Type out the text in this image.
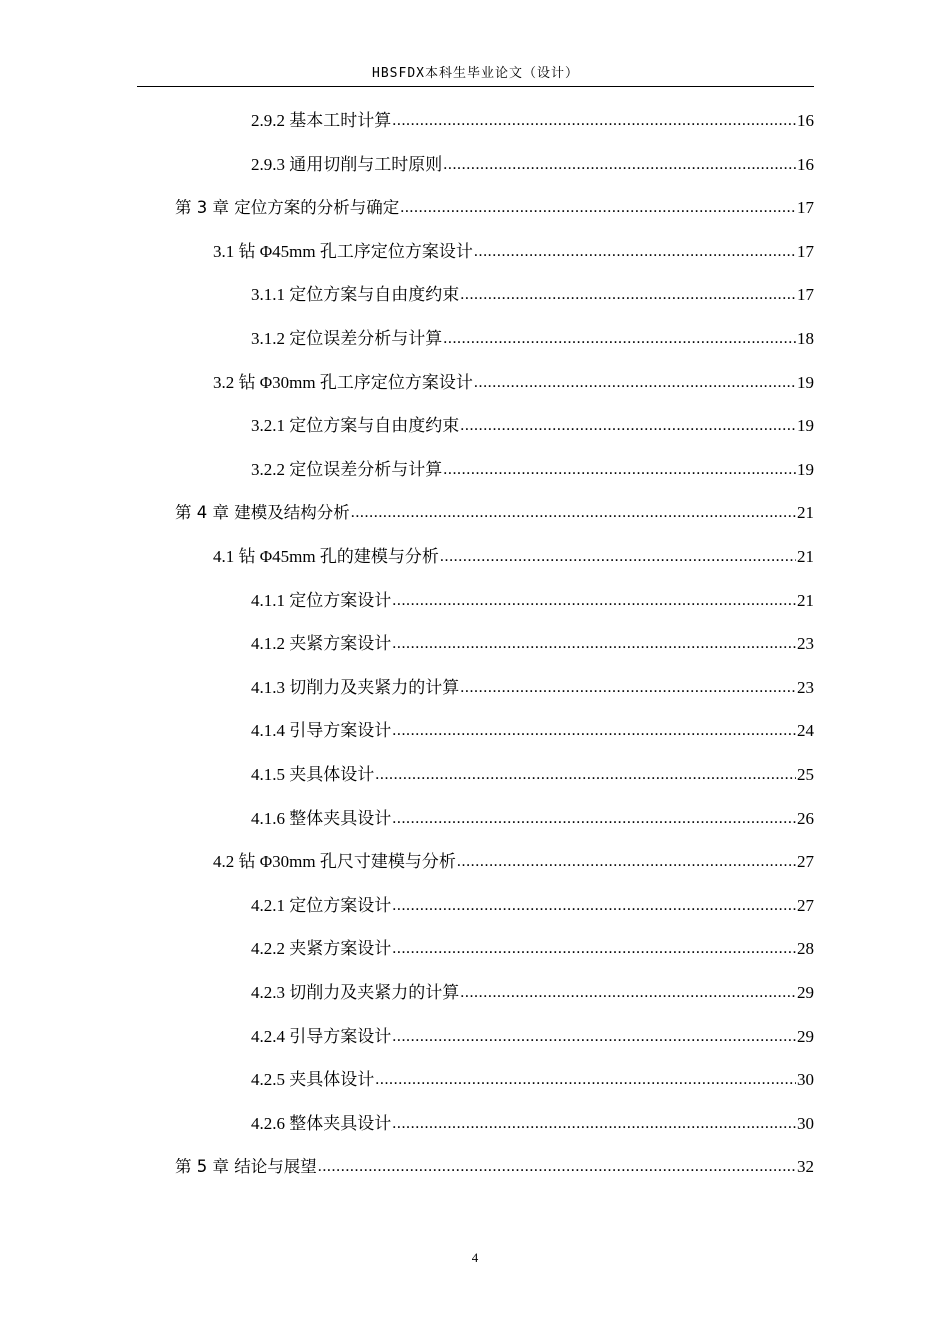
HBSFDX本科生毕业论文（设计）
2.9.2 基本工时计算 .....	16
2.9.3 通用切削与工时原则 .....	16
第 3 章 定位方案的分析与确定 .....	17
3.1 钻 Φ45mm 孔工序定位方案设计 .....	17
3.1.1 定位方案与自由度约束 .....	17
3.1.2 定位误差分析与计算 .....	18
3.2 钻 Φ30mm 孔工序定位方案设计 .....	19
3.2.1 定位方案与自由度约束 .....	19
3.2.2 定位误差分析与计算 .....	19
第 4 章 建模及结构分析 .....	21
4.1 钻 Φ45mm 孔的建模与分析 .....	21
4.1.1 定位方案设计 .....	21
4.1.2 夹紧方案设计 .....	23
4.1.3 切削力及夹紧力的计算 .....	23
4.1.4 引导方案设计 .....	24
4.1.5 夹具体设计 .....	25
4.1.6 整体夹具设计 .....	26
4.2 钻 Φ30mm 孔尺寸建模与分析 .....	27
4.2.1 定位方案设计 .....	27
4.2.2 夹紧方案设计 .....	28
4.2.3 切削力及夹紧力的计算 .....	29
4.2.4 引导方案设计 .....	29
4.2.5 夹具体设计 .....	30
4.2.6 整体夹具设计 .....	30
第 5 章 结论与展望 .....	32
4
